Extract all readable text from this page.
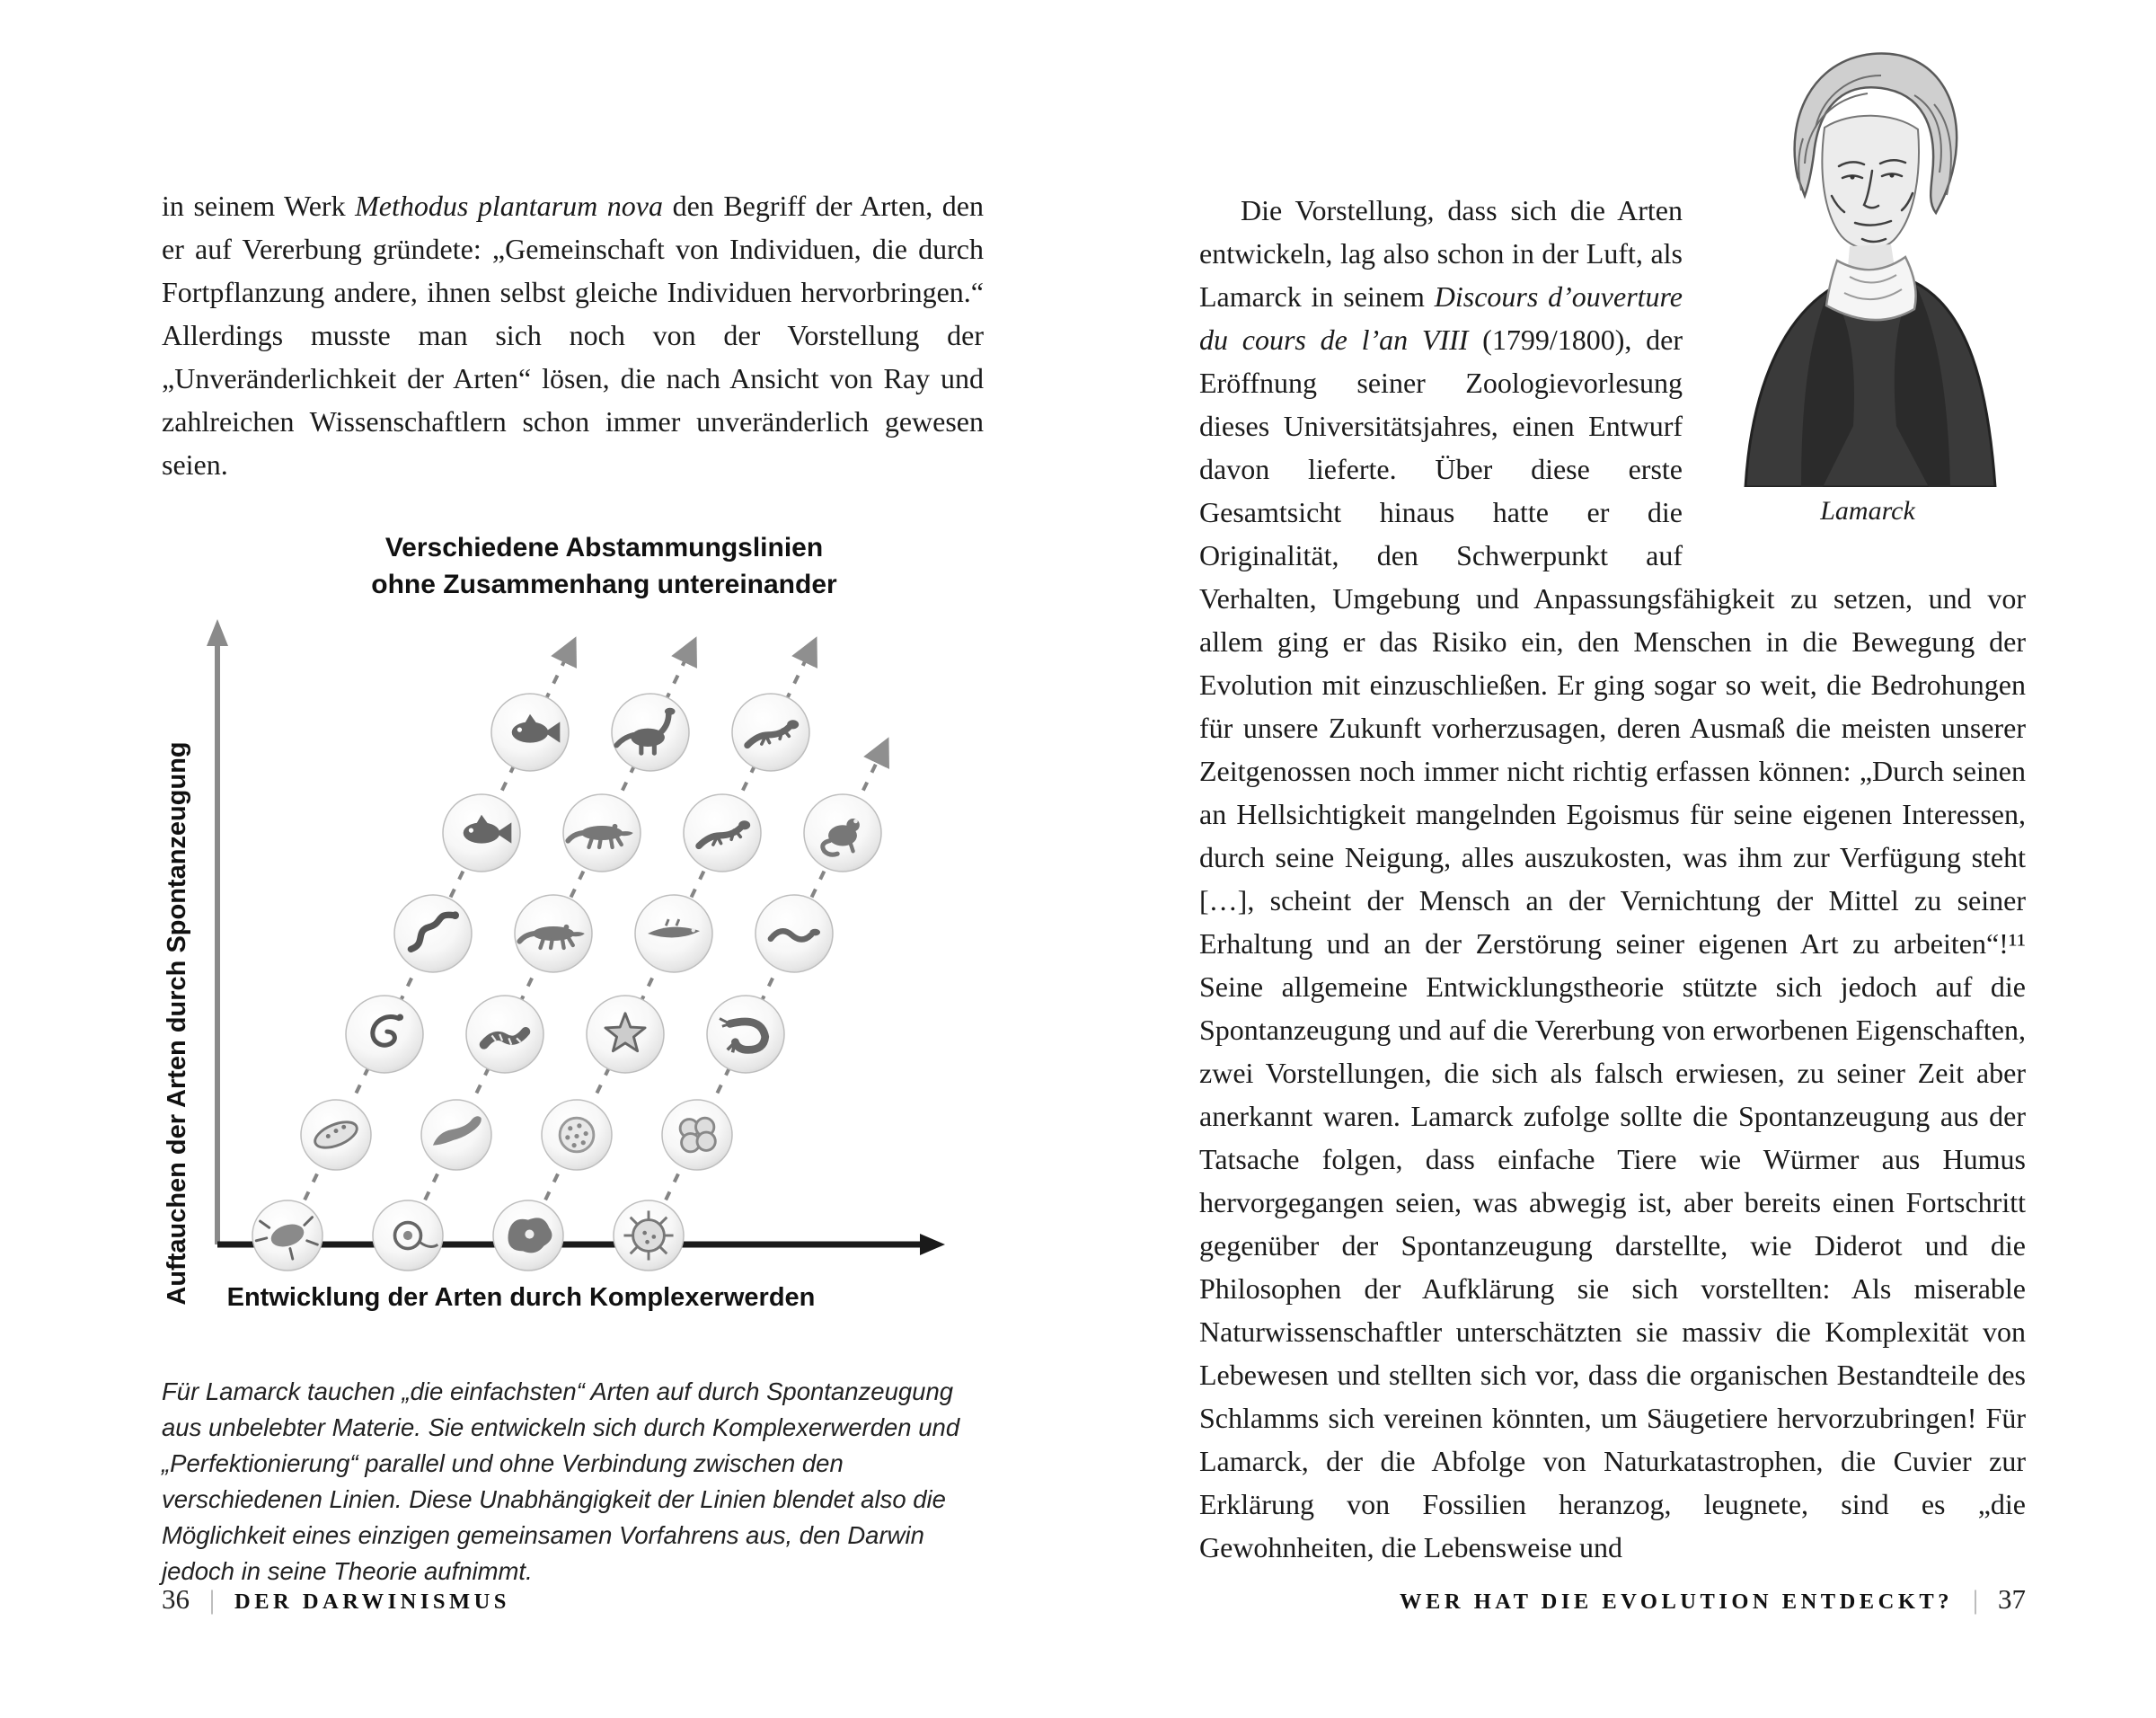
in seinem Werk Methodus plantarum nova den Begriff der Arten, den er auf Vererbung gründete: „Gemeinschaft von Individuen, die durch Fortpflanzung andere, ihnen selbst gleiche Individuen hervorbringen.“ Allerdings musste man sich noch von der Vorstellung der „Unveränderlichkeit der Arten“ lösen, die nach Ansicht von Ray und zahlreichen Wissenschaftlern schon immer unveränderlich gewesen seien.

Verschiedene Abstammungslinien
ohne Zusammenhang untereinander
Auftauchen der Arten durch Spontanzeugung Entwicklung der Arten durch Komplexerwerden
Für Lamarck tauchen „die einfachsten“ Arten auf durch Spontanzeugung aus unbelebter Materie. Sie entwickeln sich durch Komplexerwerden und „Perfektionierung“ parallel und ohne Verbindung zwischen den verschiedenen Linien. Diese Unabhängigkeit der Linien blendet also die Möglichkeit eines einzigen gemeinsamen Vorfahrens aus, den Darwin jedoch in seine Theorie aufnimmt.
Lamarck

Die Vorstellung, dass sich die Arten entwickeln, lag also schon in der Luft, als Lamarck in seinem Discours d’ouverture du cours de l’an VIII (1799/1800), der Eröffnung seiner Zoologievorlesung dieses Universitätsjahres, einen Entwurf davon lieferte. Über diese erste Gesamtsicht hinaus hatte er die Originalität, den Schwerpunkt auf Verhalten, Umgebung und Anpassungsfähigkeit zu setzen, und vor allem ging er das Risiko ein, den Menschen in die Bewegung der Evolution mit einzuschließen. Er ging sogar so weit, die Bedrohungen für unsere Zukunft vorherzusagen, deren Ausmaß die meisten unserer Zeitgenossen noch immer nicht richtig erfassen können: „Durch seinen an Hellsichtigkeit mangelnden Egoismus für seine eigenen Interessen, durch seine Neigung, alles auszukosten, was ihm zur Verfügung steht […], scheint der Mensch an der Vernichtung der Mittel zu seiner Erhaltung und an der Zerstörung seiner eigenen Art zu arbeiten“!¹¹ Seine allgemeine Entwicklungstheorie stützte sich jedoch auf die Spontanzeugung und auf die Vererbung von erworbenen Eigenschaften, zwei Vorstellungen, die sich als falsch erwiesen, zu seiner Zeit aber anerkannt waren. Lamarck zufolge sollte die Spontanzeugung aus der Tatsache folgen, dass einfache Tiere wie Würmer aus Humus hervorgegangen seien, was abwegig ist, aber bereits einen Fortschritt gegenüber der Spontanzeugung darstellte, wie Diderot und die Philosophen der Aufklärung sie sich vorstellten: Als miserable Naturwissenschaftler unterschätzten sie massiv die Komplexität von Lebewesen und stellten sich vor, dass die organischen Bestandteile des Schlamms sich vereinen könnten, um Säugetiere hervorzubringen! Für Lamarck, der die Abfolge von Naturkatastrophen, die Cuvier zur Erklärung von Fossilien heranzog, leugnete, sind es „die Gewohnheiten, die Lebensweise und

36 | DER DARWINISMUS	WER HAT DIE EVOLUTION ENTDECKT? | 37
